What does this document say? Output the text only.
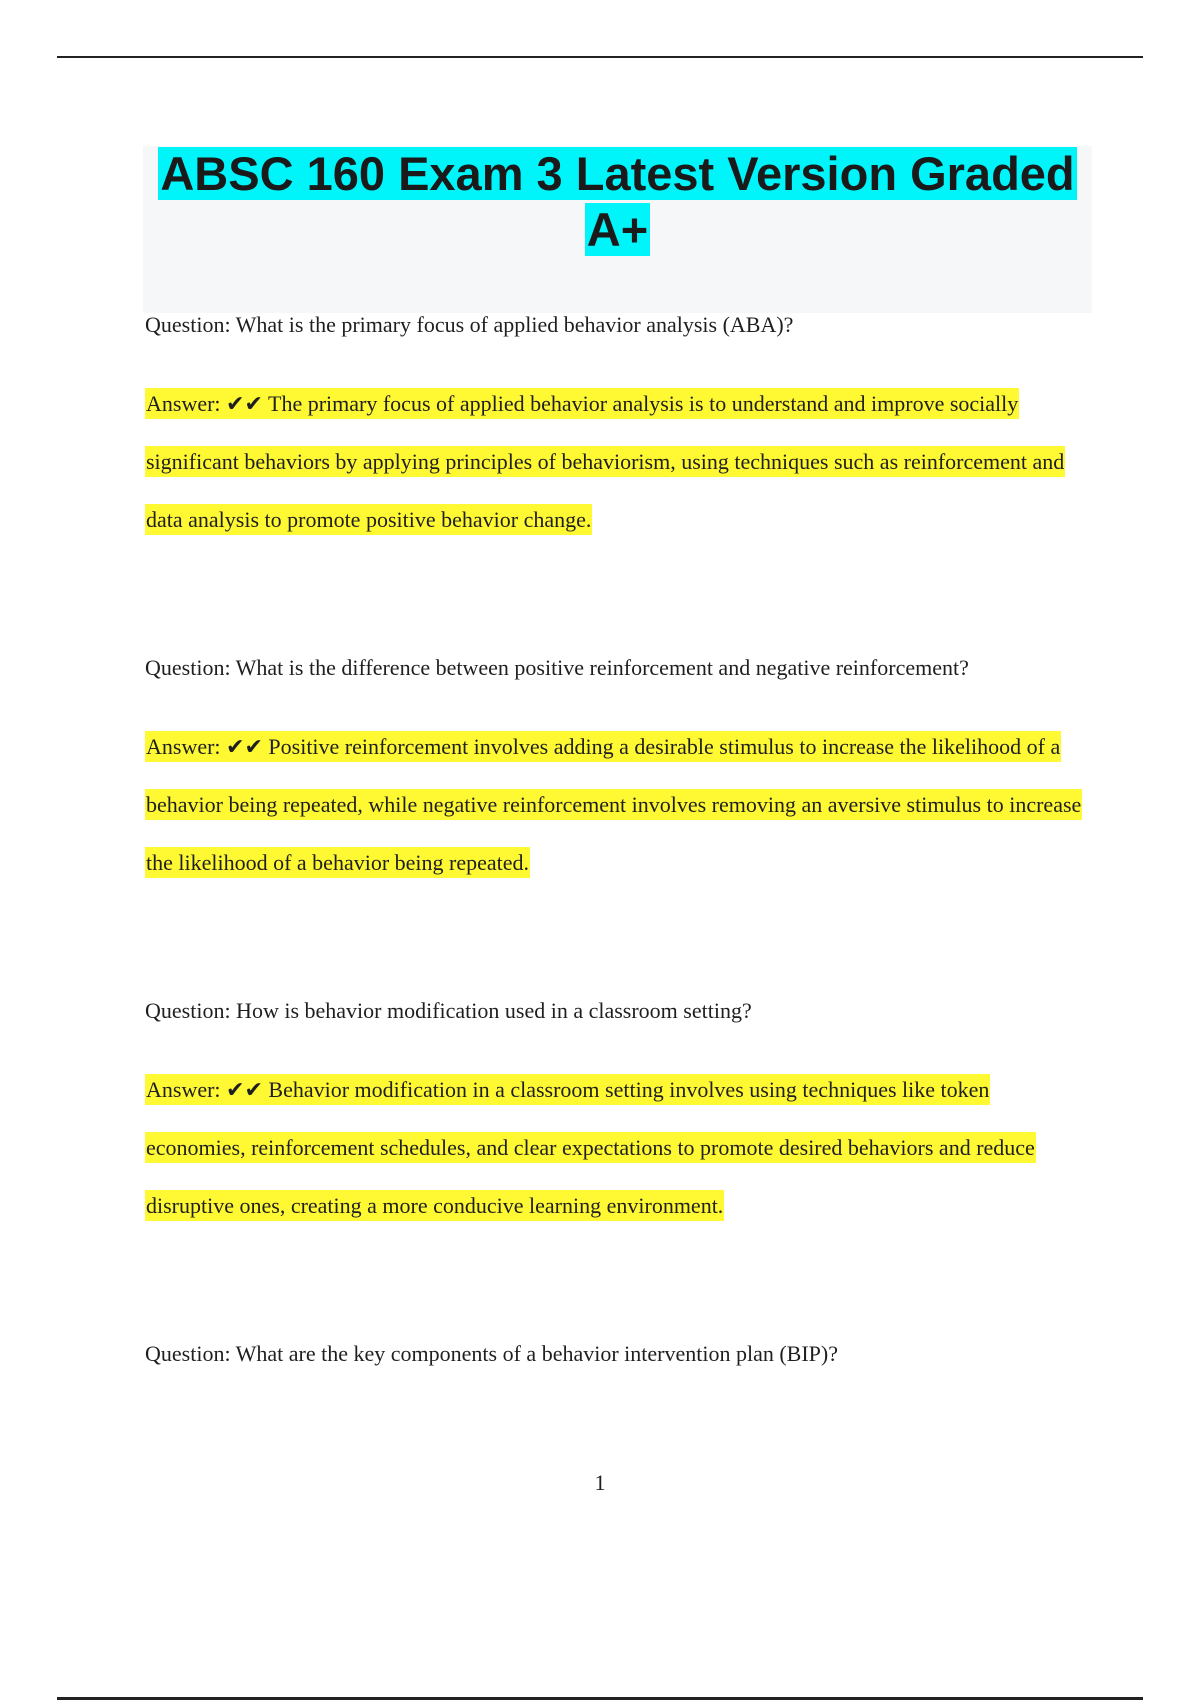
ABSC 160 Exam 3 Latest Version Graded A+

Question: What is the primary focus of applied behavior analysis (ABA)?

Answer: ✔✔ The primary focus of applied behavior analysis is to understand and improve socially significant behaviors by applying principles of behaviorism, using techniques such as reinforcement and data analysis to promote positive behavior change.

Question: What is the difference between positive reinforcement and negative reinforcement?

Answer: ✔✔ Positive reinforcement involves adding a desirable stimulus to increase the likelihood of a behavior being repeated, while negative reinforcement involves removing an aversive stimulus to increase the likelihood of a behavior being repeated.

Question: How is behavior modification used in a classroom setting?

Answer: ✔✔ Behavior modification in a classroom setting involves using techniques like token economies, reinforcement schedules, and clear expectations to promote desired behaviors and reduce disruptive ones, creating a more conducive learning environment.

Question: What are the key components of a behavior intervention plan (BIP)?

1
